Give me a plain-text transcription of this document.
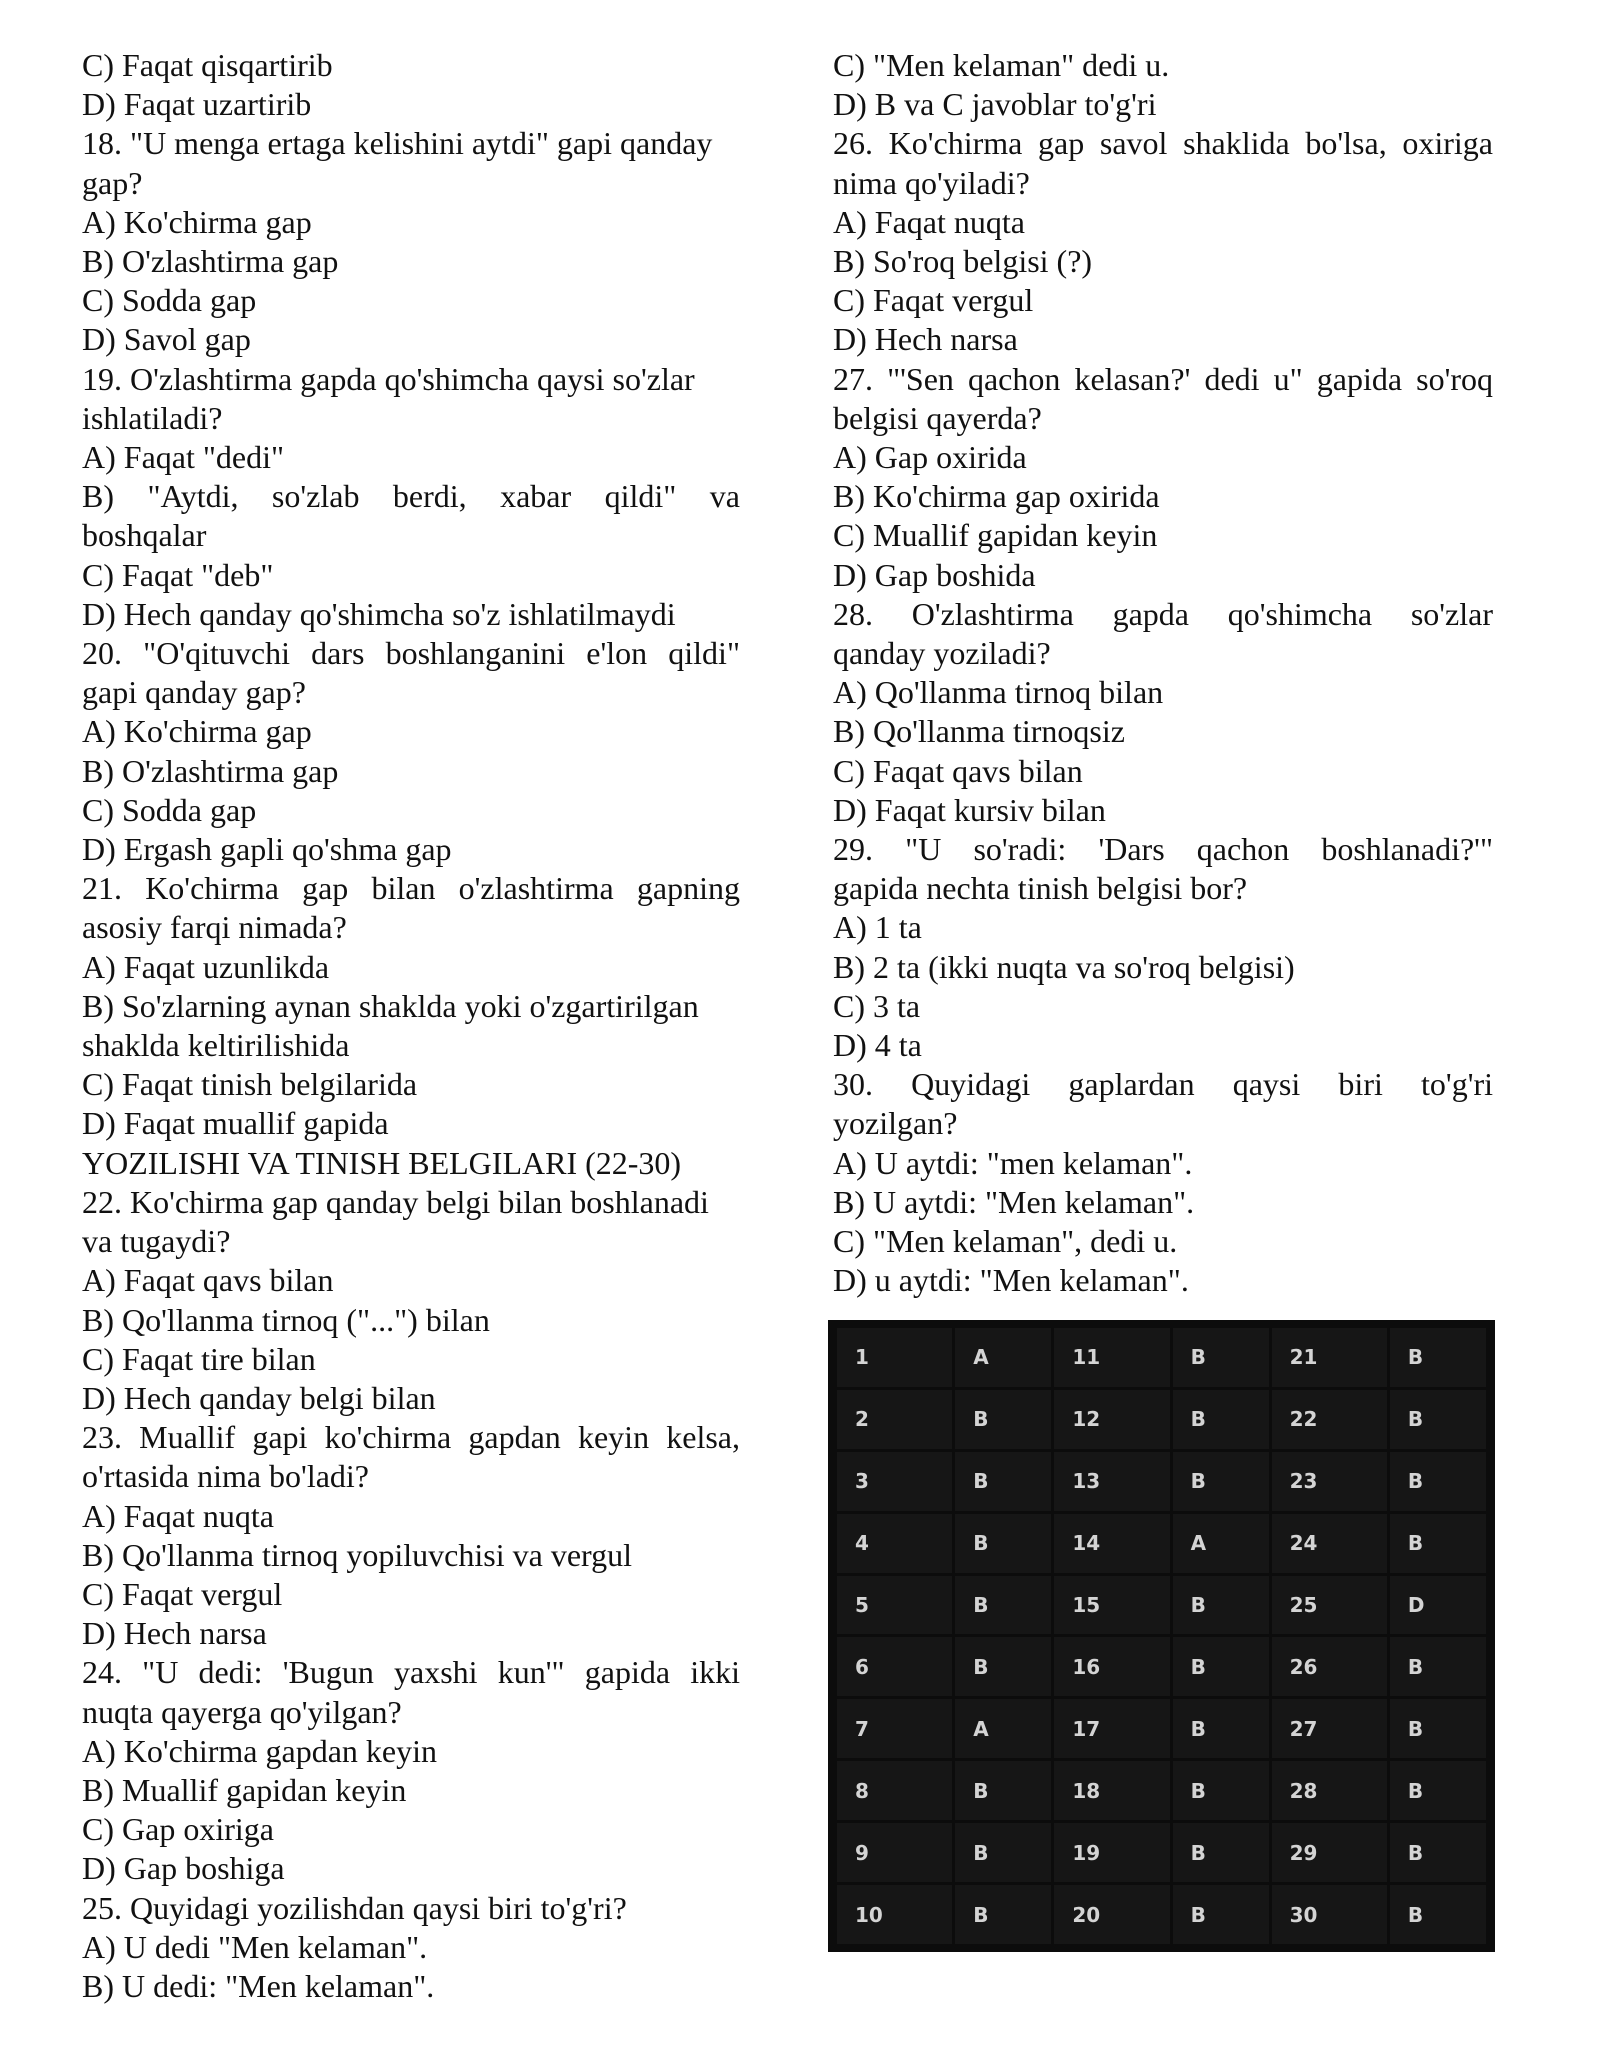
C) Faqat qisqartirib
D) Faqat uzartirib
18. "U menga ertaga kelishini aytdi" gapi qanday
gap?
A) Ko'chirma gap
B) O'zlashtirma gap
C) Sodda gap
D) Savol gap
19. O'zlashtirma gapda qo'shimcha qaysi so'zlar
ishlatiladi?
A) Faqat "dedi"
B) "Aytdi, so'zlab berdi, xabar qildi" va
boshqalar
C) Faqat "deb"
D) Hech qanday qo'shimcha so'z ishlatilmaydi
20. "O'qituvchi dars boshlanganini e'lon qildi"
gapi qanday gap?
A) Ko'chirma gap
B) O'zlashtirma gap
C) Sodda gap
D) Ergash gapli qo'shma gap
21. Ko'chirma gap bilan o'zlashtirma gapning
asosiy farqi nimada?
A) Faqat uzunlikda
B) So'zlarning aynan shaklda yoki o'zgartirilgan
shaklda keltirilishida
C) Faqat tinish belgilarida
D) Faqat muallif gapida
YOZILISHI VA TINISH BELGILARI (22-30)
22. Ko'chirma gap qanday belgi bilan boshlanadi
va tugaydi?
A) Faqat qavs bilan
B) Qo'llanma tirnoq ("...") bilan
C) Faqat tire bilan
D) Hech qanday belgi bilan
23. Muallif gapi ko'chirma gapdan keyin kelsa,
o'rtasida nima bo'ladi?
A) Faqat nuqta
B) Qo'llanma tirnoq yopiluvchisi va vergul
C) Faqat vergul
D) Hech narsa
24. "U dedi: 'Bugun yaxshi kun'" gapida ikki
nuqta qayerga qo'yilgan?
A) Ko'chirma gapdan keyin
B) Muallif gapidan keyin
C) Gap oxiriga
D) Gap boshiga
25. Quyidagi yozilishdan qaysi biri to'g'ri?
A) U dedi "Men kelaman".
B) U dedi: "Men kelaman".
C) "Men kelaman" dedi u.
D) B va C javoblar to'g'ri
26. Ko'chirma gap savol shaklida bo'lsa, oxiriga
nima qo'yiladi?
A) Faqat nuqta
B) So'roq belgisi (?)
C) Faqat vergul
D) Hech narsa
27. "'Sen qachon kelasan?' dedi u" gapida so'roq
belgisi qayerda?
A) Gap oxirida
B) Ko'chirma gap oxirida
C) Muallif gapidan keyin
D) Gap boshida
28. O'zlashtirma gapda qo'shimcha so'zlar
qanday yoziladi?
A) Qo'llanma tirnoq bilan
B) Qo'llanma tirnoqsiz
C) Faqat qavs bilan
D) Faqat kursiv bilan
29. "U so'radi: 'Dars qachon boshlanadi?'"
gapida nechta tinish belgisi bor?
A) 1 ta
B) 2 ta (ikki nuqta va so'roq belgisi)
C) 3 ta
D) 4 ta
30. Quyidagi gaplardan qaysi biri to'g'ri
yozilgan?
A) U aytdi: "men kelaman".
B) U aytdi: "Men kelaman".
C) "Men kelaman", dedi u.
D) u aytdi: "Men kelaman".
1	A	11	B	21	B
2	B	12	B	22	B
3	B	13	B	23	B
4	B	14	A	24	B
5	B	15	B	25	D
6	B	16	B	26	B
7	A	17	B	27	B
8	B	18	B	28	B
9	B	19	B	29	B
10	B	20	B	30	B
